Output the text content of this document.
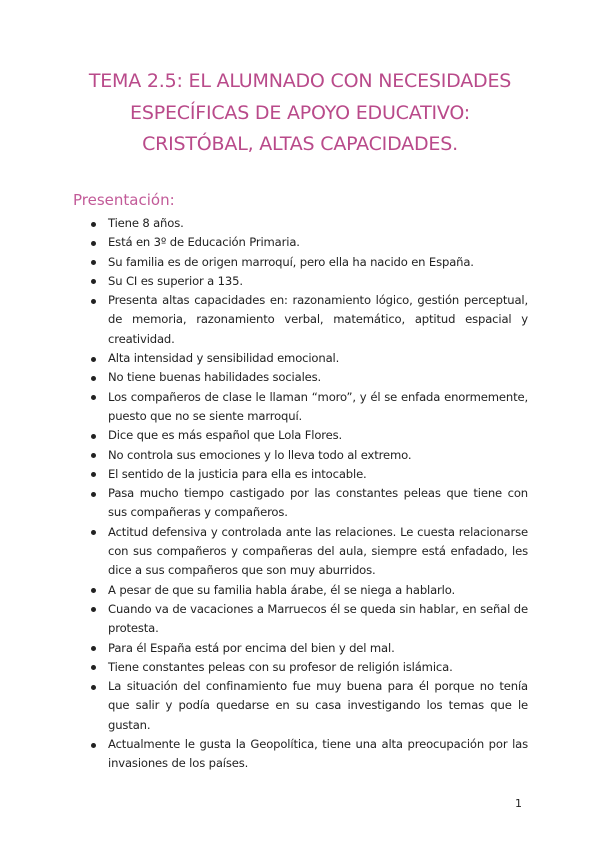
TEMA 2.5: EL ALUMNADO CON NECESIDADES
ESPECÍFICAS DE APOYO EDUCATIVO:
CRISTÓBAL, ALTAS CAPACIDADES.
Presentación:
Tiene 8 años.
Está en 3º de Educación Primaria.
Su familia es de origen marroquí, pero ella ha nacido en España.
Su CI es superior a 135.
Presenta altas capacidades en: razonamiento lógico, gestión perceptual, de memoria, razonamiento verbal, matemático, aptitud espacial y creatividad.
Alta intensidad y sensibilidad emocional.
No tiene buenas habilidades sociales.
Los compañeros de clase le llaman “moro”, y él se enfada enormemente, puesto que no se siente marroquí.
Dice que es más español que Lola Flores.
No controla sus emociones y lo lleva todo al extremo.
El sentido de la justicia para ella es intocable.
Pasa mucho tiempo castigado por las constantes peleas que tiene con sus compañeras y compañeros.
Actitud defensiva y controlada ante las relaciones. Le cuesta relacionarse con sus compañeros y compañeras del aula, siempre está enfadado, les dice a sus compañeros que son muy aburridos.
A pesar de que su familia habla árabe, él se niega a hablarlo.
Cuando va de vacaciones a Marruecos él se queda sin hablar, en señal de protesta.
Para él España está por encima del bien y del mal.
Tiene constantes peleas con su profesor de religión islámica.
La situación del confinamiento fue muy buena para él porque no tenía que salir y podía quedarse en su casa investigando los temas que le gustan.
Actualmente le gusta la Geopolítica, tiene una alta preocupación por las invasiones de los países.
1
